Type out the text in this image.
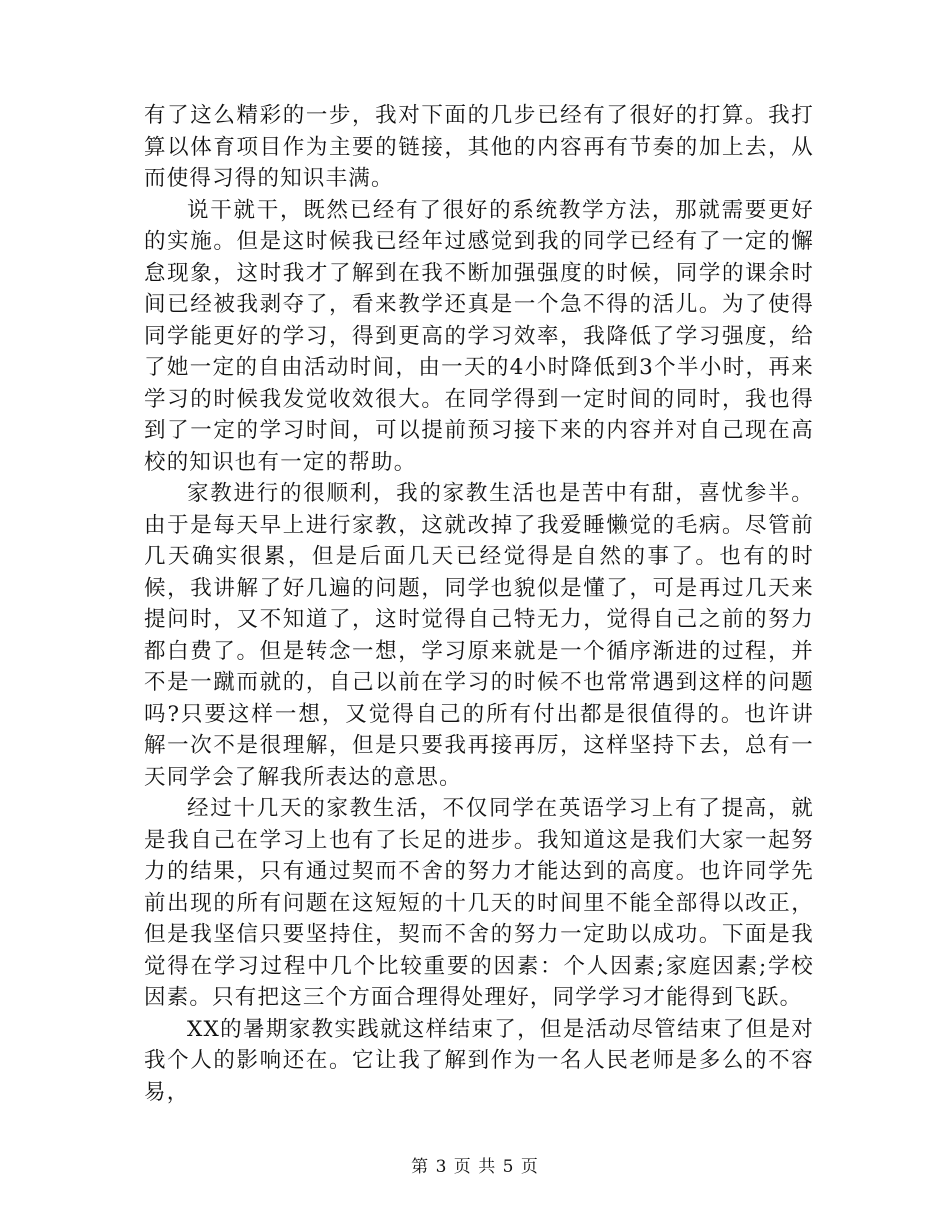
有了这么精彩的一步，我对下面的几步已经有了很好的打算。我打算以体育项目作为主要的链接，其他的内容再有节奏的加上去，从而使得习得的知识丰满。

说干就干，既然已经有了很好的系统教学方法，那就需要更好的实施。但是这时候我已经年过感觉到我的同学已经有了一定的懈怠现象，这时我才了解到在我不断加强强度的时候，同学的课余时间已经被我剥夺了，看来教学还真是一个急不得的活儿。为了使得同学能更好的学习，得到更高的学习效率，我降低了学习强度，给了她一定的自由活动时间，由一天的4小时降低到3个半小时，再来学习的时候我发觉收效很大。在同学得到一定时间的同时，我也得到了一定的学习时间，可以提前预习接下来的内容并对自己现在高校的知识也有一定的帮助。

家教进行的很顺利，我的家教生活也是苦中有甜，喜忧参半。由于是每天早上进行家教，这就改掉了我爱睡懒觉的毛病。尽管前几天确实很累，但是后面几天已经觉得是自然的事了。也有的时候，我讲解了好几遍的问题，同学也貌似是懂了，可是再过几天来提问时，又不知道了，这时觉得自己特无力，觉得自己之前的努力都白费了。但是转念一想，学习原来就是一个循序渐进的过程，并不是一蹴而就的，自己以前在学习的时候不也常常遇到这样的问题吗?只要这样一想，又觉得自己的所有付出都是很值得的。也许讲解一次不是很理解，但是只要我再接再厉，这样坚持下去，总有一天同学会了解我所表达的意思。

经过十几天的家教生活，不仅同学在英语学习上有了提高，就是我自己在学习上也有了长足的进步。我知道这是我们大家一起努力的结果，只有通过契而不舍的努力才能达到的高度。也许同学先前出现的所有问题在这短短的十几天的时间里不能全部得以改正，但是我坚信只要坚持住，契而不舍的努力一定助以成功。下面是我觉得在学习过程中几个比较重要的因素：个人因素;家庭因素;学校因素。只有把这三个方面合理得处理好，同学学习才能得到飞跃。

XX的暑期家教实践就这样结束了，但是活动尽管结束了但是对我个人的影响还在。它让我了解到作为一名人民老师是多么的不容易，

第 3 页 共 5 页
